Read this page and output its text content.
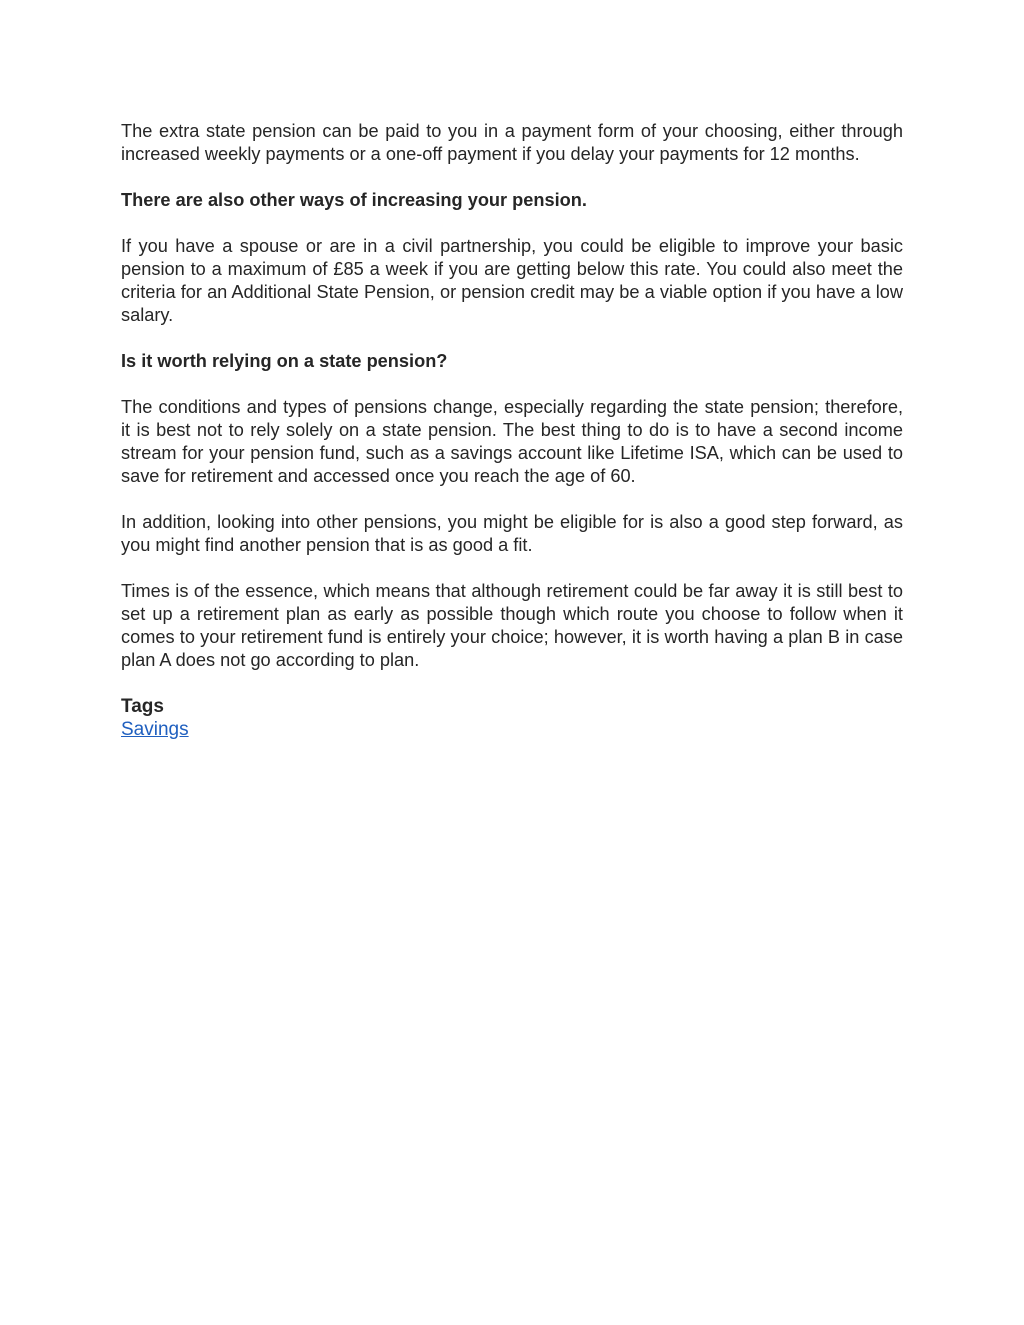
The extra state pension can be paid to you in a payment form of your choosing, either through increased weekly payments or a one-off payment if you delay your payments for 12 months.

There are also other ways of increasing your pension.

If you have a spouse or are in a civil partnership, you could be eligible to improve your basic pension to a maximum of £85 a week if you are getting below this rate. You could also meet the criteria for an Additional State Pension, or pension credit may be a viable option if you have a low salary.

Is it worth relying on a state pension?

The conditions and types of pensions change, especially regarding the state pension; therefore, it is best not to rely solely on a state pension. The best thing to do is to have a second income stream for your pension fund, such as a savings account like Lifetime ISA, which can be used to save for retirement and accessed once you reach the age of 60.

In addition, looking into other pensions, you might be eligible for is also a good step forward, as you might find another pension that is as good a fit.

Times is of the essence, which means that although retirement could be far away it is still best to set up a retirement plan as early as possible though which route you choose to follow when it comes to your retirement fund is entirely your choice; however, it is worth having a plan B in case plan A does not go according to plan.

Tags

Savings
